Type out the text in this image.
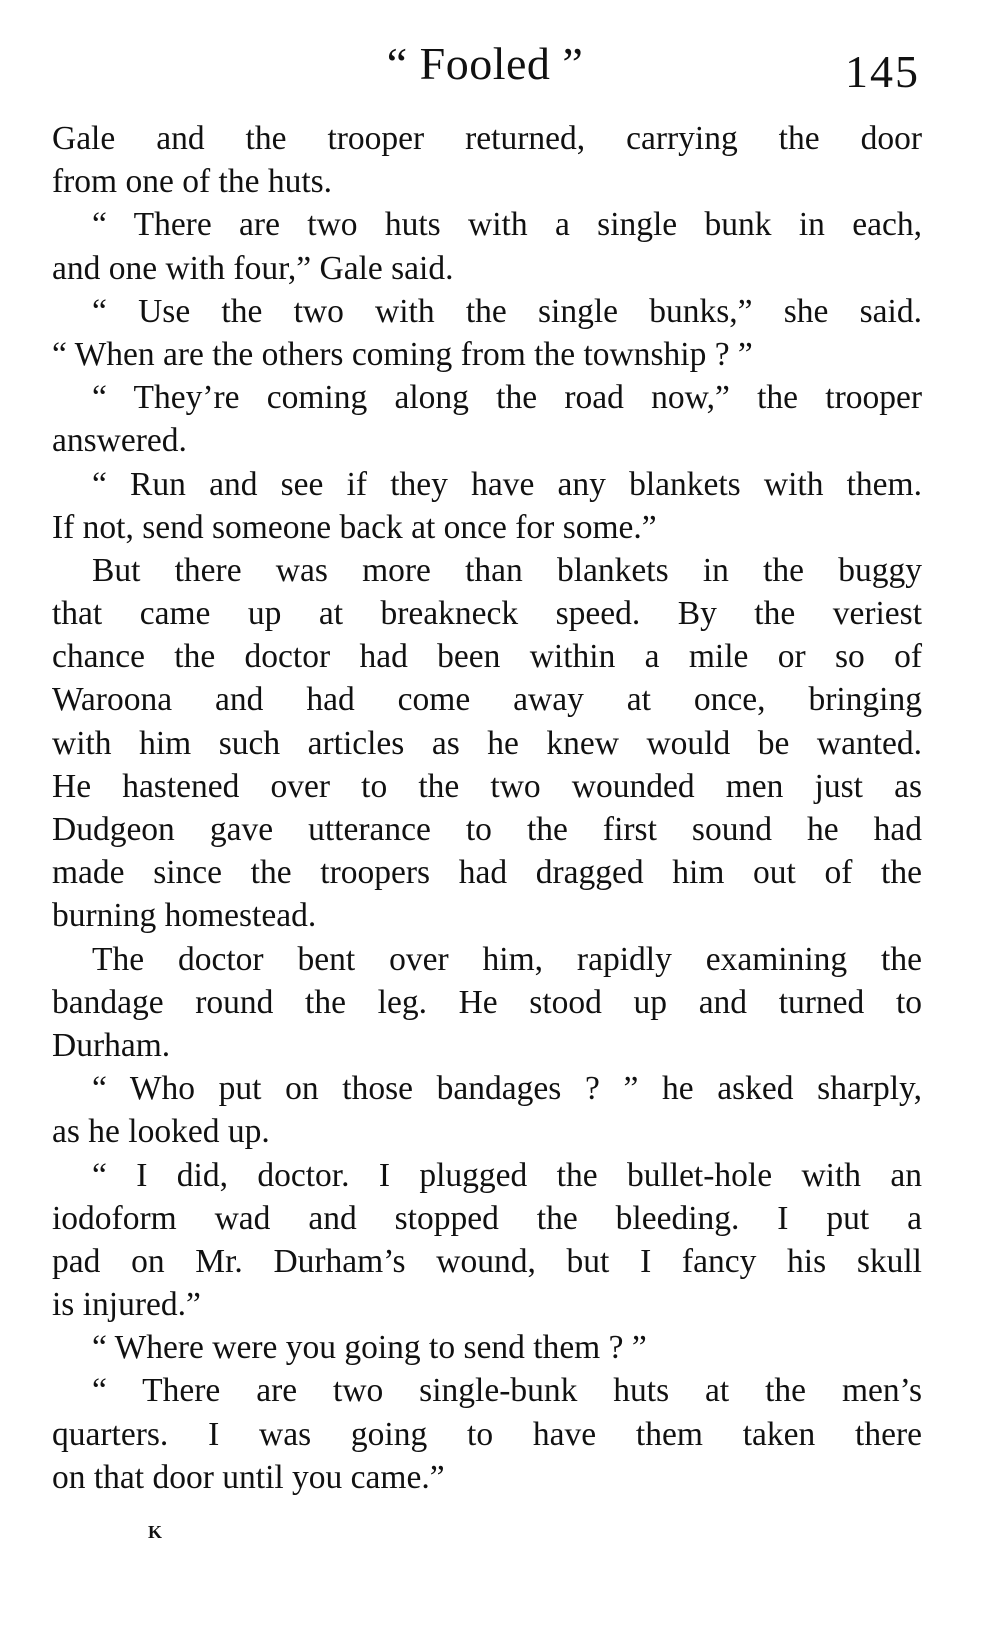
“ Fooled ”	145
Gale and the trooper returned, carrying the door
from one of the huts.
“ There are two huts with a single bunk in each,
and one with four,” Gale said.
“ Use the two with the single bunks,” she said.
“ When are the others coming from the township ? ”
“ They’re coming along the road now,” the trooper
answered.
“ Run and see if they have any blankets with them.
If not, send someone back at once for some.”
But there was more than blankets in the buggy
that came up at breakneck speed. By the veriest
chance the doctor had been within a mile or so of
Waroona and had come away at once, bringing
with him such articles as he knew would be wanted.
He hastened over to the two wounded men just as
Dudgeon gave utterance to the first sound he had
made since the troopers had dragged him out of the
burning homestead.
The doctor bent over him, rapidly examining the
bandage round the leg. He stood up and turned to
Durham.
“ Who put on those bandages ? ” he asked sharply,
as he looked up.
“ I did, doctor. I plugged the bullet-hole with an
iodoform wad and stopped the bleeding. I put a
pad on Mr. Durham’s wound, but I fancy his skull
is injured.”
“ Where were you going to send them ? ”
“ There are two single-bunk huts at the men’s
quarters. I was going to have them taken there
on that door until you came.”
K
